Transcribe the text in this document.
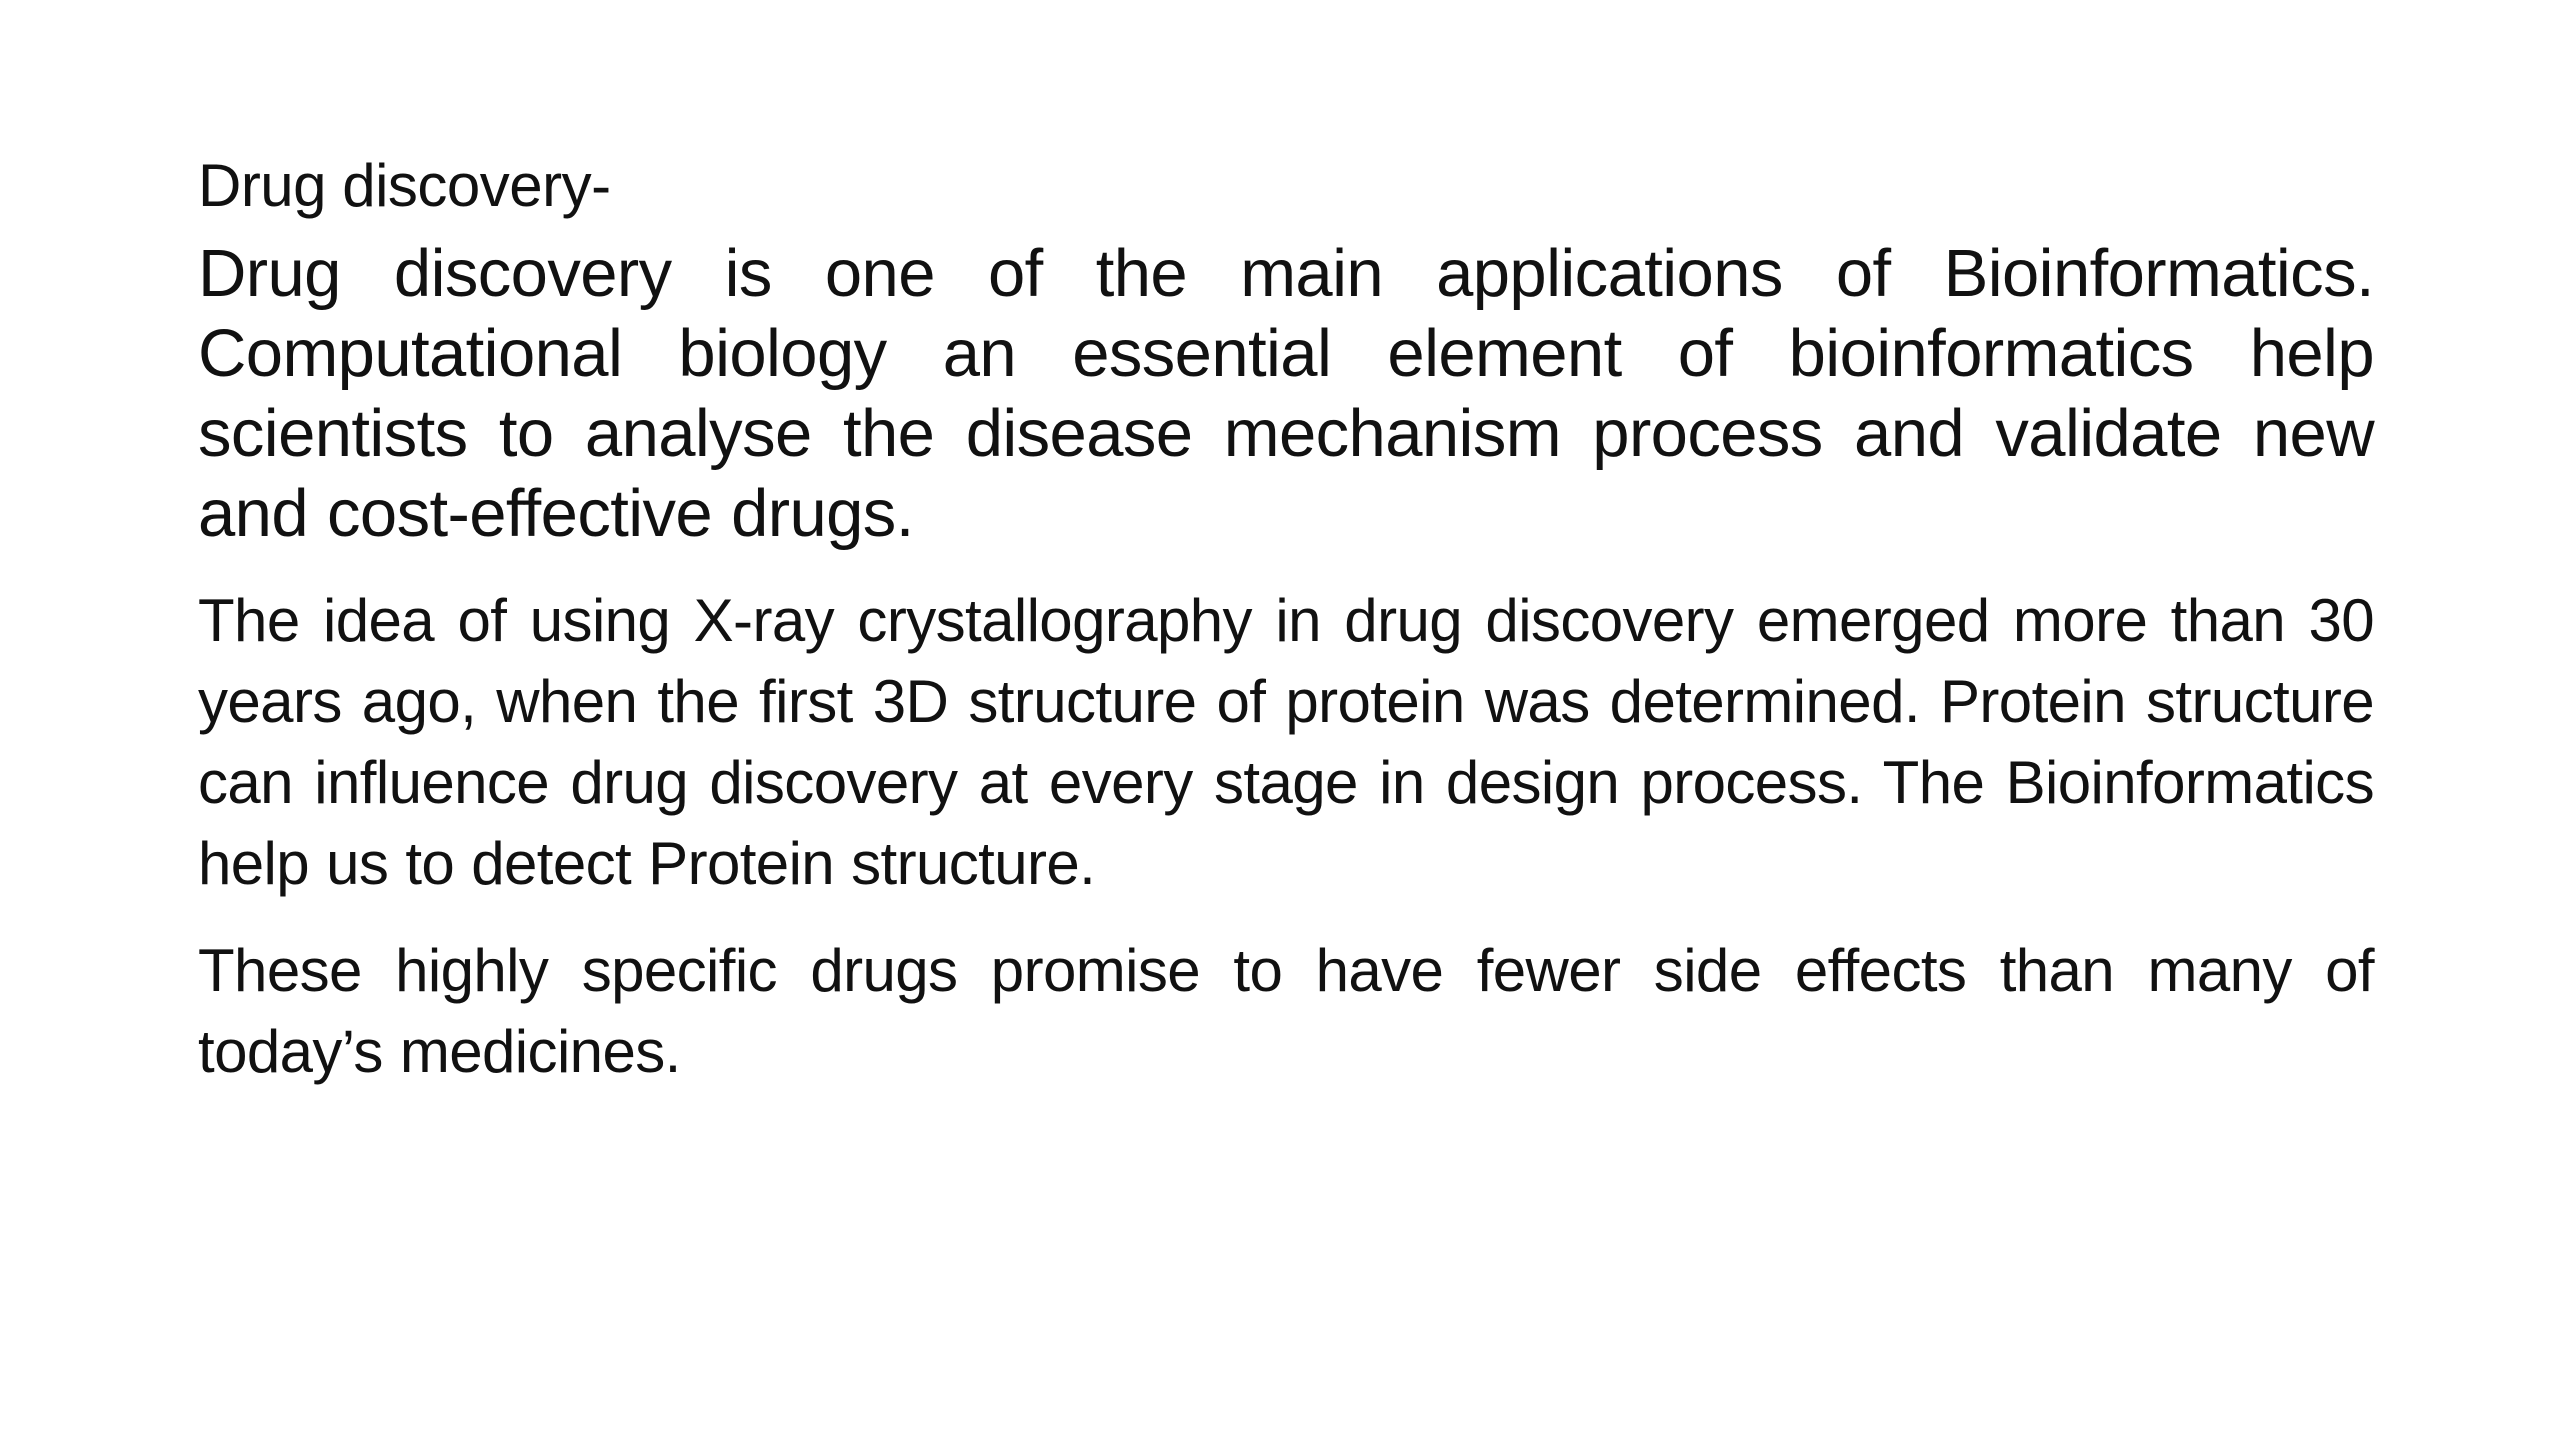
Drug discovery-

Drug discovery is one of the main applications of Bioinformatics. Computational biology an essential element of bioinformatics help scientists to analyse the disease mechanism process and validate new and cost-effective drugs.

The idea of using X-ray crystallography in drug discovery emerged more than 30 years ago, when the first 3D structure of protein was determined. Protein structure can influence drug discovery at every stage in design process. The Bioinformatics help us to detect Protein structure.

These highly specific drugs promise to have fewer side effects than many of today’s medicines.
